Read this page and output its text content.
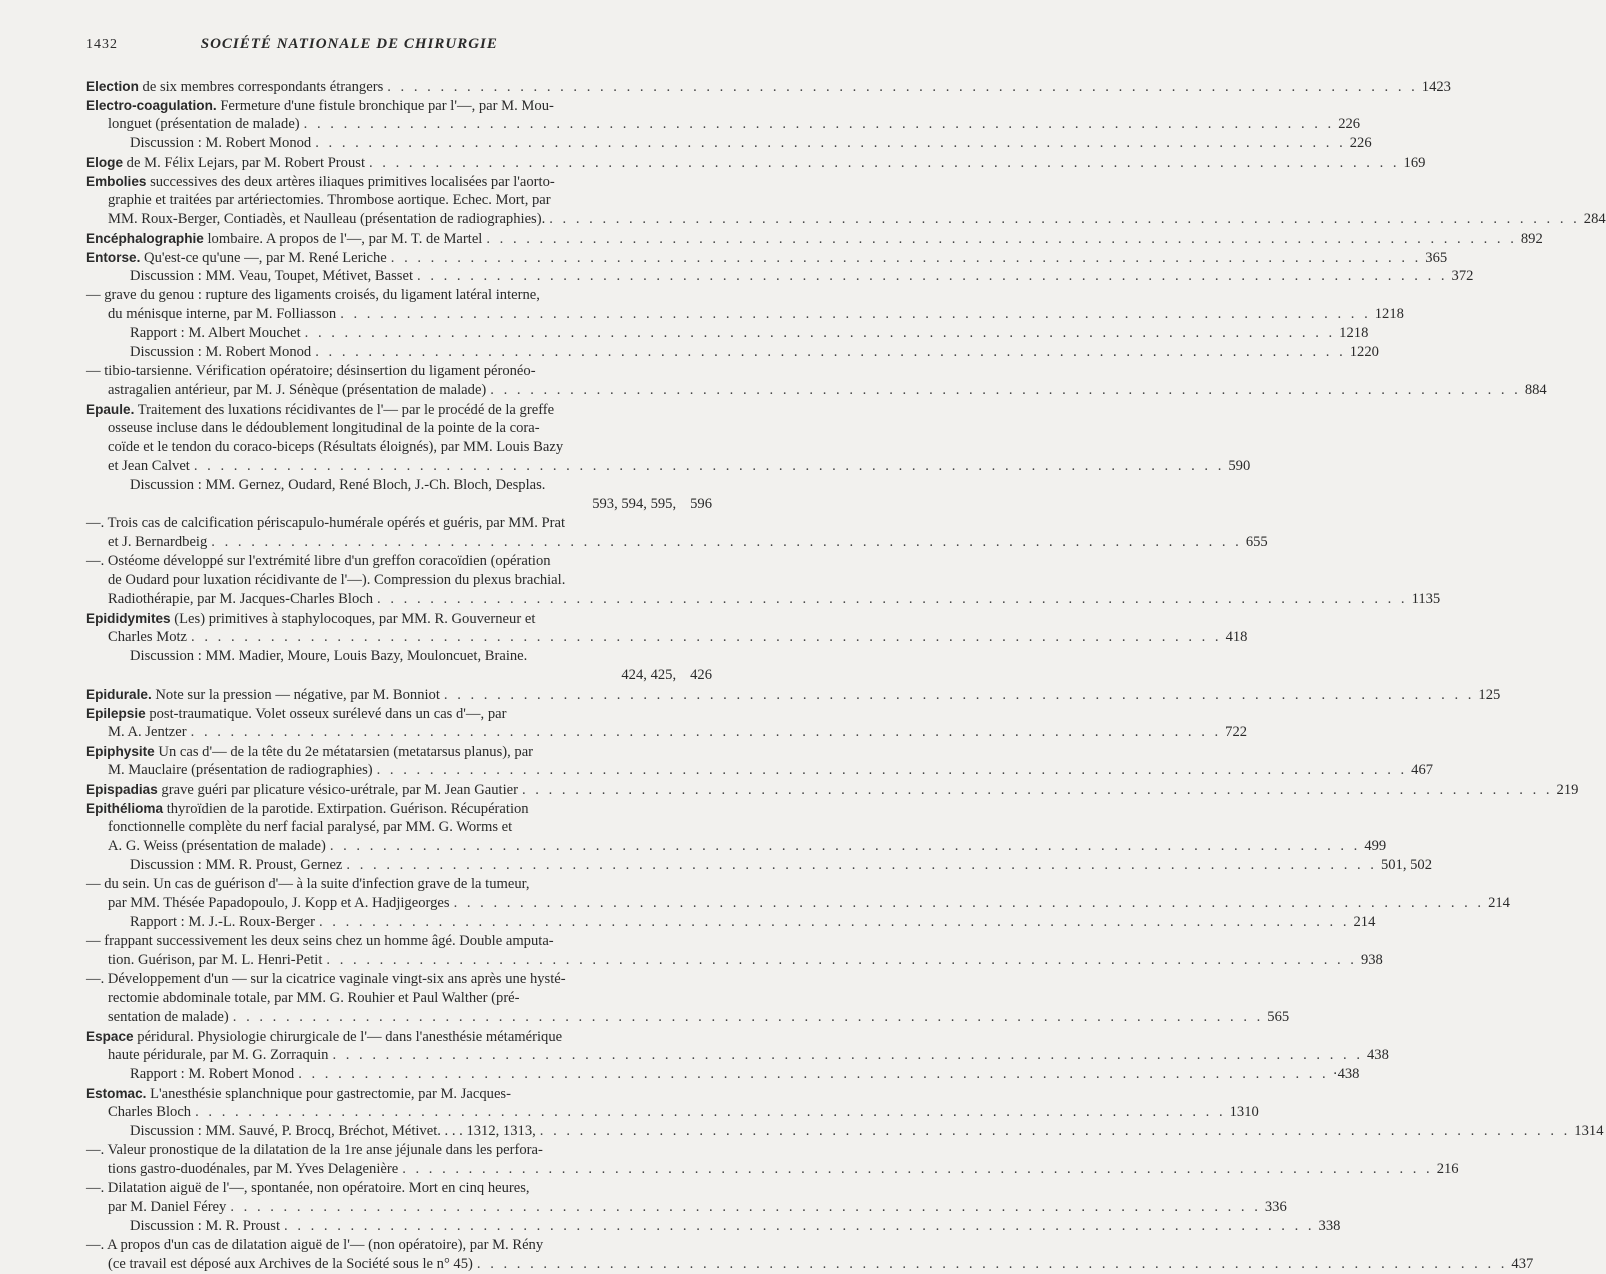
1432	SOCIÉTÉ NATIONALE DE CHIRURGIE
Election de six membres correspondants étrangers . . .	1423
Electro-coagulation. Fermeture d'une fistule bronchique par l'—, par M. Mou-
longuet (présentation de malade) . . .	226
Discussion : M. Robert Monod . . .	226
Eloge de M. Félix Lejars, par M. Robert Proust . . .	169
Embolies successives des deux artères iliaques primitives localisées par l'aorto-
graphie et traitées par artériectomies. Thrombose aortique. Echec. Mort, par
MM. Roux-Berger, Contiadès, et Naulleau (présentation de radiographies). . . .	284
Encéphalographie lombaire. A propos de l'—, par M. T. de Martel . . .	892
Entorse. Qu'est-ce qu'une —, par M. René Leriche . . .	365
Discussion : MM. Veau, Toupet, Métivet, Basset . . .	372
— grave du genou : rupture des ligaments croisés, du ligament latéral interne,
du ménisque interne, par M. Folliasson . . .	1218
Rapport : M. Albert Mouchet . . .	1218
Discussion : M. Robert Monod . . .	1220
— tibio-tarsienne. Vérification opératoire; désinsertion du ligament péronéo-
astragalien antérieur, par M. J. Sénèque (présentation de malade) . . .	884
Epaule. Traitement des luxations récidivantes de l'— par le procédé de la greffe
osseuse incluse dans le dédoublement longitudinal de la pointe de la cora-
coïde et le tendon du coraco-biceps (Résultats éloignés), par MM. Louis Bazy
et Jean Calvet . . .	590
Discussion : MM. Gernez, Oudard, René Bloch, J.-Ch. Bloch, Desplas.
593, 594, 595, 596
—. Trois cas de calcification périscapulo-humérale opérés et guéris, par MM. Prat
et J. Bernardbeig . . .	655
—. Ostéome développé sur l'extrémité libre d'un greffon coracoïdien (opération
de Oudard pour luxation récidivante de l'—). Compression du plexus brachial.
Radiothérapie, par M. Jacques-Charles Bloch . . .	1135
Epididymites (Les) primitives à staphylocoques, par MM. R. Gouverneur et
Charles Motz . . .	418
Discussion : MM. Madier, Moure, Louis Bazy, Mouloncuet, Braine.
424, 425, 426
Epidurale. Note sur la pression — négative, par M. Bonniot . . .	125
Epilepsie post-traumatique. Volet osseux surélevé dans un cas d'—, par
M. A. Jentzer . . .	722
Epiphysite Un cas d'— de la tête du 2e métatarsien (metatarsus planus), par
M. Mauclaire (présentation de radiographies) . . .	467
Epispadias grave guéri par plicature vésico-urétrale, par M. Jean Gautier . . .	219
Epithélioma thyroïdien de la parotide. Extirpation. Guérison. Récupération
fonctionnelle complète du nerf facial paralysé, par MM. G. Worms et
A. G. Weiss (présentation de malade) . . .	499
Discussion : MM. R. Proust, Gernez . . .	501, 502
— du sein. Un cas de guérison d'— à la suite d'infection grave de la tumeur,
par MM. Thésée Papadopoulo, J. Kopp et A. Hadjigeorges . . .	214
Rapport : M. J.-L. Roux-Berger . . .	214
— frappant successivement les deux seins chez un homme âgé. Double amputa-
tion. Guérison, par M. L. Henri-Petit . . .	938
—. Développement d'un — sur la cicatrice vaginale vingt-six ans après une hysté-
rectomie abdominale totale, par MM. G. Rouhier et Paul Walther (pré-
sentation de malade) . . .	565
Espace péridural. Physiologie chirurgicale de l'— dans l'anesthésie métamérique
haute péridurale, par M. G. Zorraquin . . .	438
Rapport : M. Robert Monod . . .	·438
Estomac. L'anesthésie splanchnique pour gastrectomie, par M. Jacques-
Charles Bloch . . .	1310
Discussion : MM. Sauvé, P. Brocq, Bréchot, Métivet. . . . 1312, 1313, . . .	1314
—. Valeur pronostique de la dilatation de la 1re anse jéjunale dans les perfora-
tions gastro-duodénales, par M. Yves Delagenière . . .	216
—. Dilatation aiguë de l'—, spontanée, non opératoire. Mort en cinq heures,
par M. Daniel Férey . . .	336
Discussion : M. R. Proust . . .	338
—. A propos d'un cas de dilatation aiguë de l'— (non opératoire), par M. Rény
(ce travail est déposé aux Archives de la Société sous le n° 45) . . .	437
